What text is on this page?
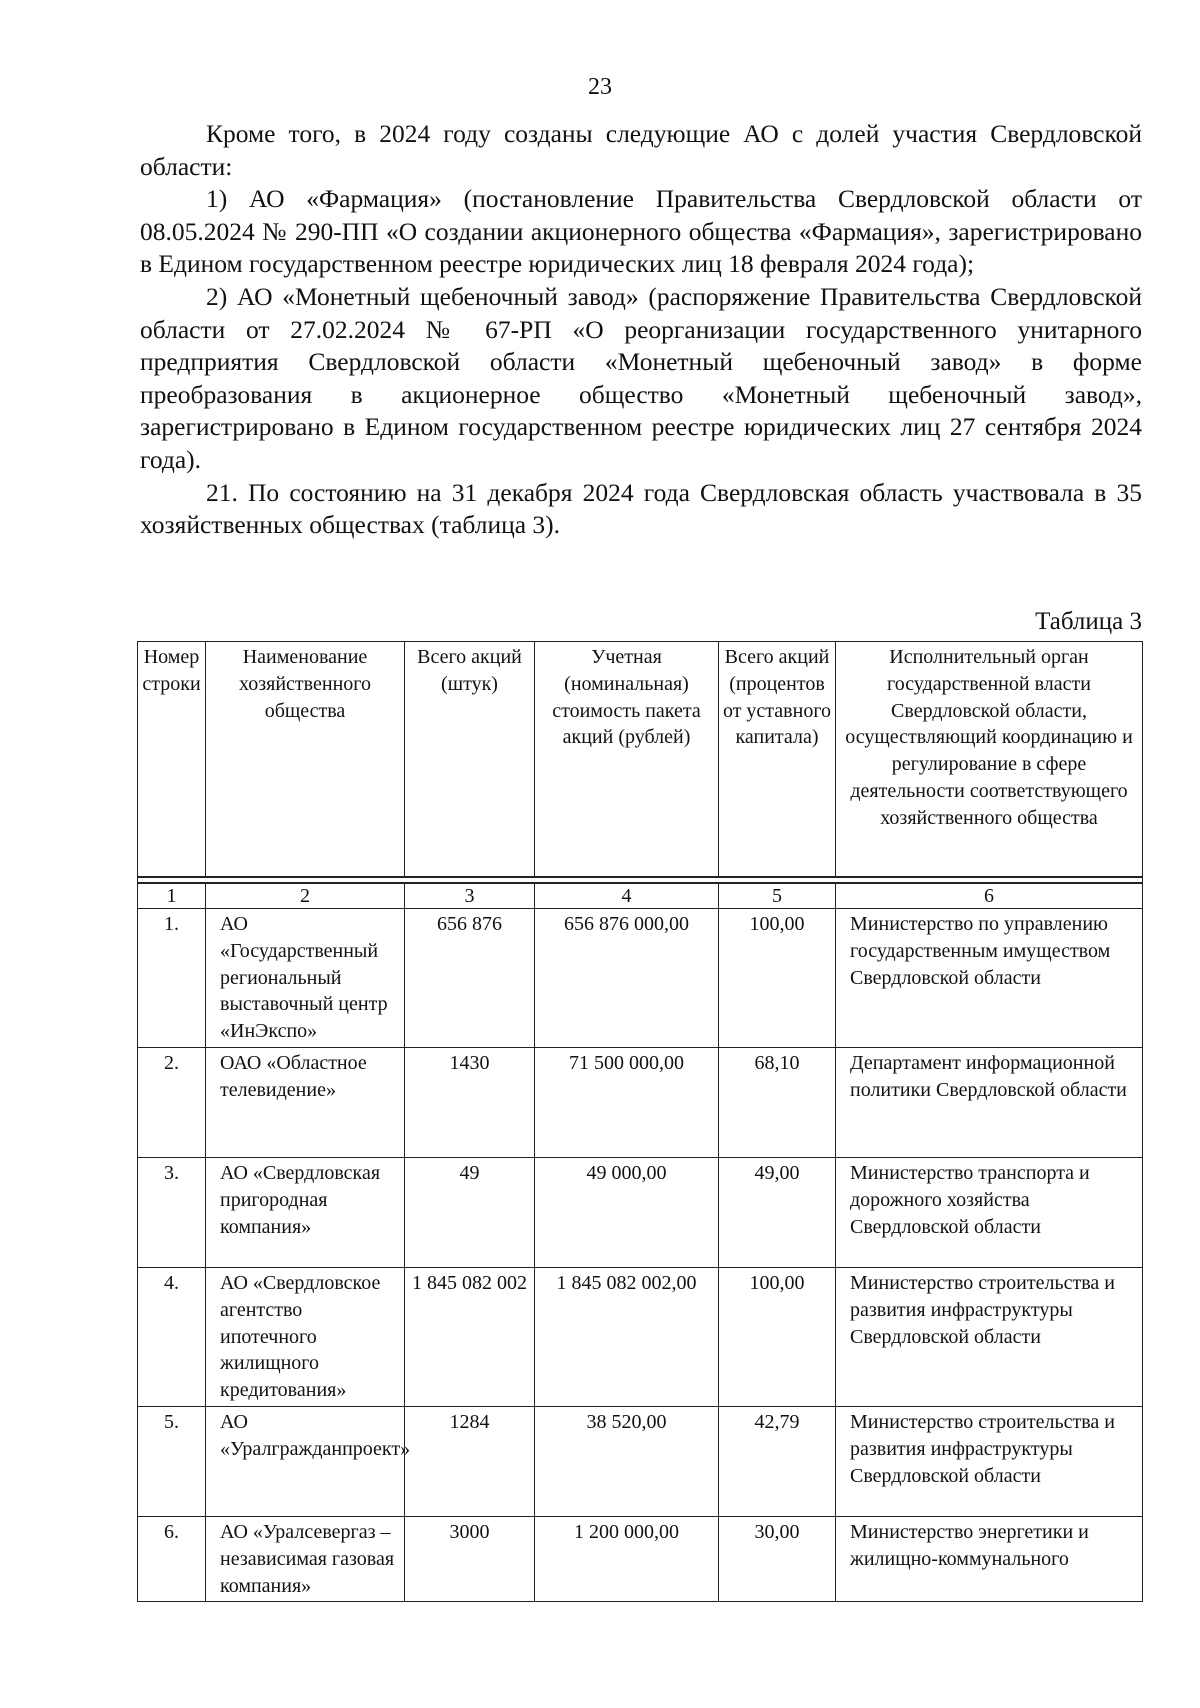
23

Кроме того, в 2024 году созданы следующие АО с долей участия Свердловской области:

1) АО «Фармация» (постановление Правительства Свердловской области от 08.05.2024 № 290-ПП «О создании акционерного общества «Фармация», зарегистрировано в Едином государственном реестре юридических лиц 18 февраля 2024 года);

2) АО «Монетный щебеночный завод» (распоряжение Правительства Свердловской области от 27.02.2024 № 67-РП «О реорганизации государственного унитарного предприятия Свердловской области «Монетный щебеночный завод» в форме преобразования в акционерное общество «Монетный щебеночный завод», зарегистрировано в Едином государственном реестре юридических лиц 27 сентября 2024 года).

21. По состоянию на 31 декабря 2024 года Свердловская область участвовала в 35 хозяйственных обществах (таблица 3).

Таблица 3
Номер строки	Наименование хозяйственного общества	Всего акций (штук)	Учетная (номинальная) стоимость пакета акций (рублей)	Всего акций (процентов от уставного капитала)	Исполнительный орган государственной власти Свердловской области, осуществляющий координацию и регулирование в сфере деятельности соответствующего хозяйственного общества

1	2	3	4	5	6
1.	АО «Государственный региональный выставочный центр «ИнЭкспо»	656 876	656 876 000,00	100,00	Министерство по управлению государственным имуществом Свердловской области
2.	ОАО «Областное телевидение»	1430	71 500 000,00	68,10	Департамент информационной политики Свердловской области
3.	АО «Свердловская пригородная компания»	49	49 000,00	49,00	Министерство транспорта и дорожного хозяйства Свердловской области
4.	АО «Свердловское агентство ипотечного жилищного кредитования»	1 845 082 002	1 845 082 002,00	100,00	Министерство строительства и развития инфраструктуры Свердловской области
5.	АО «Уралгражданпроект»	1284	38 520,00	42,79	Министерство строительства и развития инфраструктуры Свердловской области
6.	АО «Уралсевергаз – независимая газовая компания»	3000	1 200 000,00	30,00	Министерство энергетики и жилищно-коммунального
